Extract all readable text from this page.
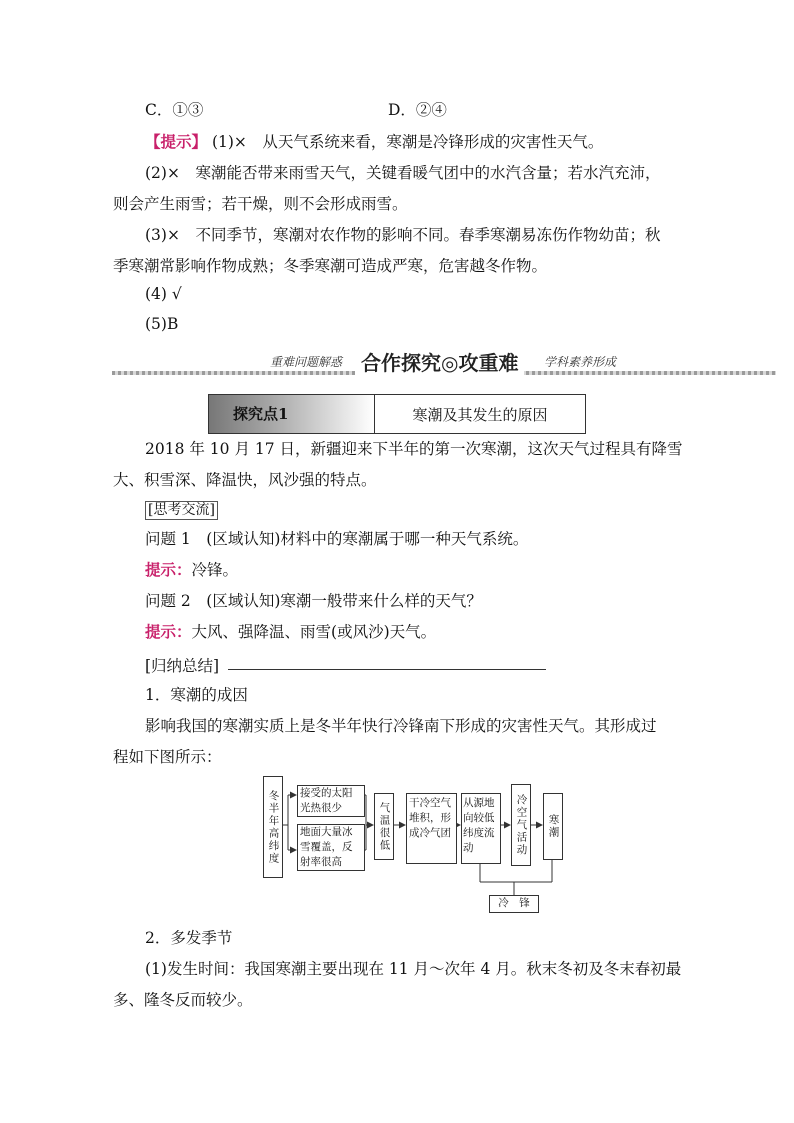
C．①③	D．②④
【提示】 (1)×　从天气系统来看，寒潮是冷锋形成的灾害性天气。
(2)×　寒潮能否带来雨雪天气，关键看暖气团中的水汽含量；若水汽充沛，
则会产生雨雪；若干燥，则不会形成雨雪。
(3)×　不同季节，寒潮对农作物的影响不同。春季寒潮易冻伤作物幼苗；秋
季寒潮常影响作物成熟；冬季寒潮可造成严寒，危害越冬作物。
(4) √
(5)B
重难问题解惑 合作探究◎攻重难	学科素养形成
探究点1	寒潮及其发生的原因
2018 年 10 月 17 日，新疆迎来下半年的第一次寒潮，这次天气过程具有降雪
大、积雪深、降温快，风沙强的特点。
[思考交流]
问题 1　(区域认知)材料中的寒潮属于哪一种天气系统。
提示：冷锋。
问题 2　(区域认知)寒潮一般带来什么样的天气？
提示：大风、强降温、雨雪(或风沙)天气。
[归纳总结]
1．寒潮的成因
影响我国的寒潮实质上是冬半年快行冷锋南下形成的灾害性天气。其形成过
程如下图所示：
冬半年高纬度	接受的太阳光热很少
地面大量冰雪覆盖，反射率很高
气温很低	干冷空气堆积，形成冷气团
从源地向较低纬度流动	冷空气活动	寒潮
冷　锋
2．多发季节
(1)发生时间：我国寒潮主要出现在 11 月～次年 4 月。秋末冬初及冬末春初最
多、隆冬反而较少。
